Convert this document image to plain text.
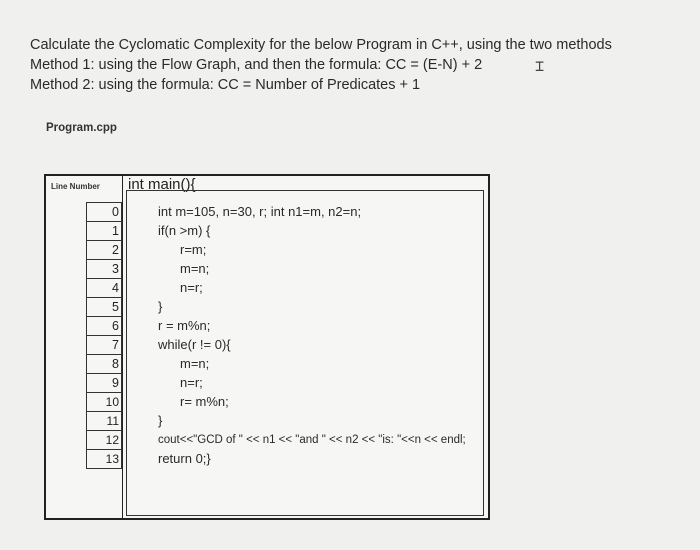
Calculate the Cyclomatic Complexity for the below Program in C++, using the two methods
Method 1: using the Flow Graph, and then the formula: CC = (E-N) + 2
Method 2: using the formula: CC = Number of Predicates + 1
⌶
Program.cpp
Line Number int main(){
0
1
2
3
4
5
6
7
8
9
10
11
12
13
int m=105, n=30, r; int n1=m, n2=n;
if(n >m) {
r=m;
m=n;
n=r;
}
r = m%n;
while(r != 0){
m=n;
n=r;
r= m%n;
}
cout<<"GCD of " << n1 << "and " << n2 << "is: "<<n << endl;
return 0;}
